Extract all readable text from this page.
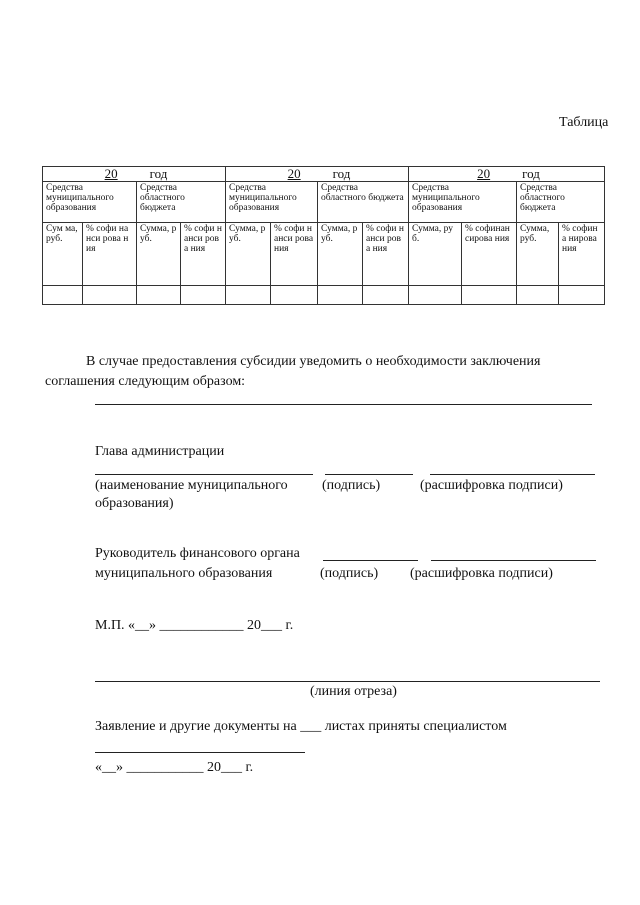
Таблица
20 год				20 год				20 год			
Средства муниципального образования		Средства областного бюджета		Средства муниципального образования		Средства областного бюджета		Средства муниципального образования		Средства областного бюджета	
Сум ма, руб.	% софи нанси рова ния	Сумма, руб.	% софи нанси рова ния	Сумма, руб.	% софи нанси рова ния	Сумма, руб.	% софи нанси рова ния	Сумма, руб.	% софинан сирова ния	Сумма, руб.	% софина нирова ния

В случае предоставления субсидии уведомить о необходимости заключения
соглашения следующим образом:
Глава администрации
(наименование муниципального
образования)
(подпись)	(расшифровка подписи)
Руководитель финансового органа
муниципального образования	(подпись) (расшифровка подписи)
М.П. «__» ____________ 20___ г.
(линия отреза)
Заявление и другие документы на ___ листах приняты специалистом
«__» ___________ 20___ г.
